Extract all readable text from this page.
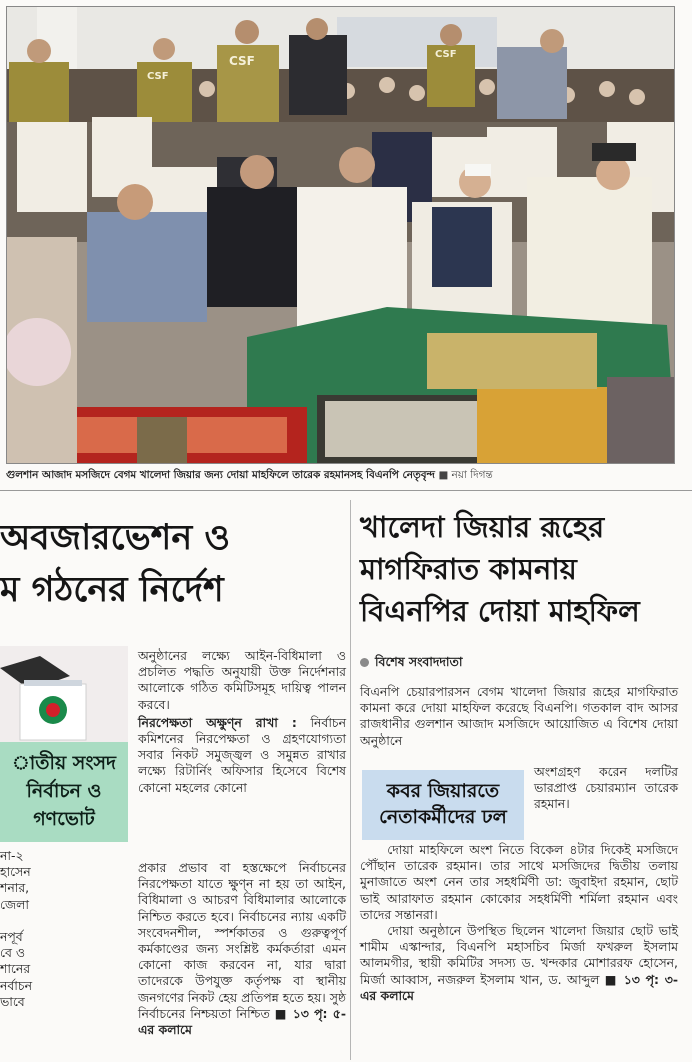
CSF
CSF
CSF
গুলশান আজাদ মসজিদে বেগম খালেদা জিয়ার জন্য দোয়া মাহফিলে তারেক রহমানসহ বিএনপি নেতৃবৃন্দ ■ নয়া দিগন্ত
অবজারভেশন ও
ম গঠনের নির্দেশ
াতীয় সংসদ
নির্বাচন ও
গণভোট

না-২

হাসেন

শনার,

জেলা

নপূর্ব

বে ও

শানের

নর্বাচন

ভাবে

অনুষ্ঠানের লক্ষ্যে আইন-বিধিমালা ও প্রচলিত পদ্ধতি অনুযায়ী উক্ত নির্দেশনার আলোকে গঠিত কমিটিসমূহ দায়িত্ব পালন করবে।

নিরপেক্ষতা অক্ষুণ্ন রাখা : নির্বাচন কমিশনের নিরপেক্ষতা ও গ্রহণযোগ্যতা সবার নিকট সমুজ্জ্বল ও সমুন্নত রাখার লক্ষ্যে রিটার্নিং অফিসার হিসেবে বিশেষ কোনো মহলের কোনো

প্রকার প্রভাব বা হস্তক্ষেপে নির্বাচনের নিরপেক্ষতা যাতে ক্ষুণ্ন না হয় তা আইন, বিধিমালা ও আচরণ বিধিমালার আলোকে নিশ্চিত করতে হবে। নির্বাচনের ন্যায় একটি সংবেদনশীল, স্পর্শকাতর ও গুরুত্বপূর্ণ কর্মকাণ্ডের জন্য সংশ্লিষ্ট কর্মকর্তারা এমন কোনো কাজ করবেন না, যার দ্বারা তাদেরকে উপযুক্ত কর্তৃপক্ষ বা স্থানীয় জনগণের নিকট হেয় প্রতিপন্ন হতে হয়। সুষ্ঠ নির্বাচনের নিশ্চয়তা নিশ্চিত ■ ১৩ পৃ: ৫-এর কলামে

খালেদা জিয়ার রূহের
মাগফিরাত কামনায়
বিএনপির দোয়া মাহফিল
বিশেষ সংবাদদাতা

বিএনপি চেয়ারপারসন বেগম খালেদা জিয়ার রূহের মাগফিরাত কামনা করে দোয়া মাহফিল করেছে বিএনপি। গতকাল বাদ আসর রাজধানীর গুলশান আজাদ মসজিদে আয়োজিত এ বিশেষ দোয়া অনুষ্ঠানে

কবর জিয়ারতে
নেতাকর্মীদের ঢল

অংশগ্রহণ করেন দলটির ভারপ্রাপ্ত চেয়ারম্যান তারেক রহমান।

দোয়া মাহফিলে অংশ নিতে বিকেল ৪টার দিকেই মসজিদে পৌঁছান তারেক রহমান। তার সাথে মসজিদের দ্বিতীয় তলায় মুনাজাতে অংশ নেন তার সহধর্মিণী ডা: জুবাইদা রহমান, ছোট ভাই আরাফাত রহমান কোকোর সহধর্মিণী শর্মিলা রহমান এবং তাদের সন্তানরা।

দোয়া অনুষ্ঠানে উপস্থিত ছিলেন খালেদা জিয়ার ছোট ভাই শামীম এস্কান্দার, বিএনপি মহাসচিব মির্জা ফখরুল ইসলাম আলমগীর, স্থায়ী কমিটির সদস্য ড. খন্দকার মোশাররফ হোসেন, মির্জা আব্বাস, নজরুল ইসলাম খান, ড. আব্দুল ■ ১৩ পৃ: ৩-এর কলামে
